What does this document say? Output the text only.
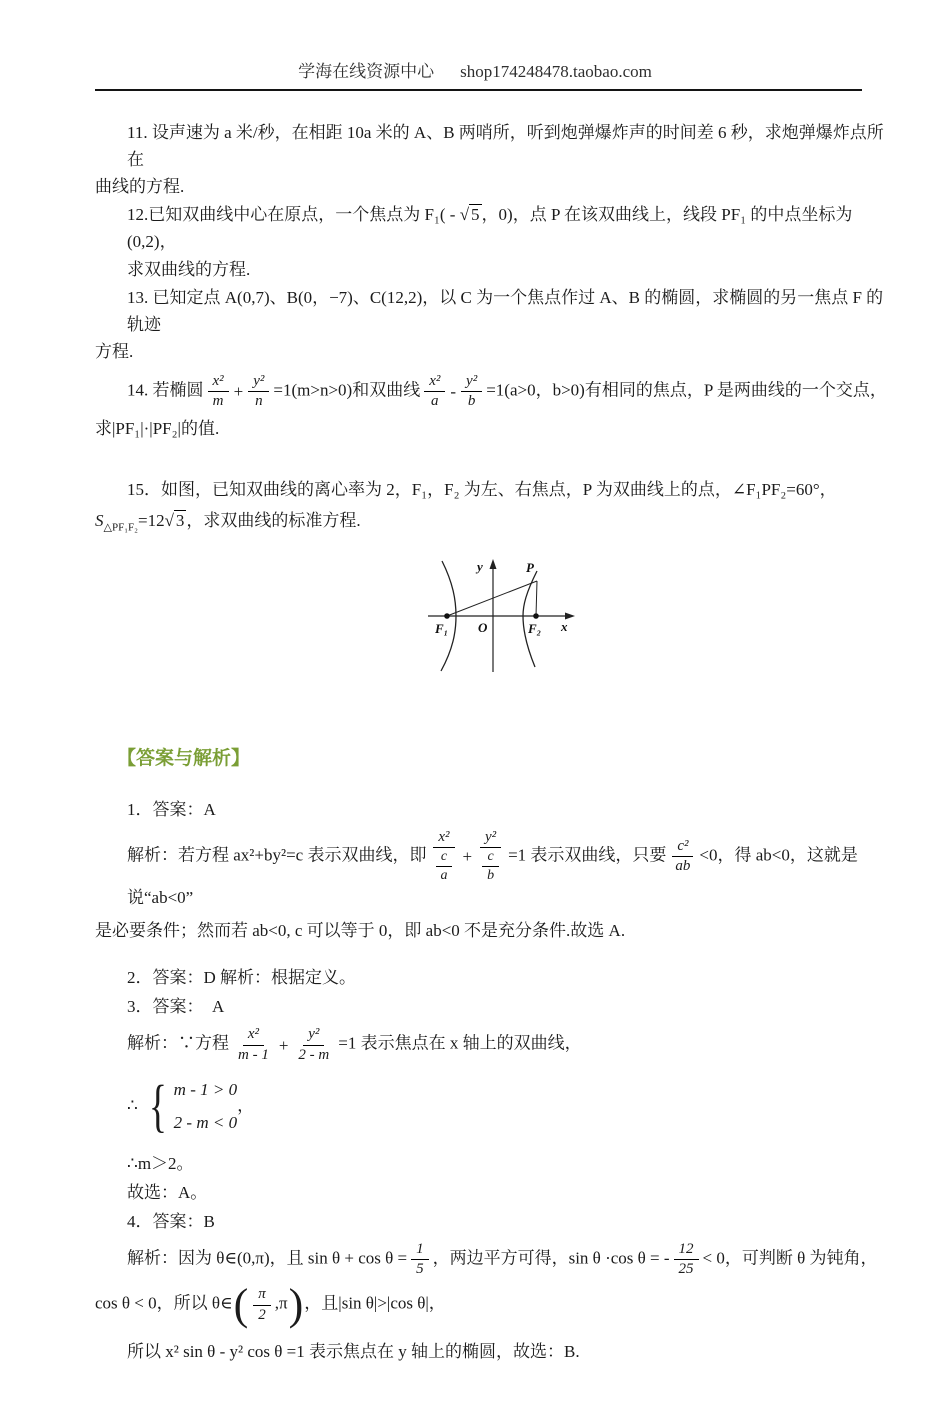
学海在线资源中心 shop174248478.taobao.com

11. 设声速为 a 米/秒，在相距 10a 米的 A、B 两哨所，听到炮弹爆炸声的时间差 6 秒，求炮弹爆炸点所在

曲线的方程.

12.已知双曲线中心在原点，一个焦点为 F₁( - √ 5 ，0)，点 P 在该双曲线上，线段 PF₁ 的中点坐标为(0,2)，

求双曲线的方程.

13. 已知定点 A(0,7)、B(0，−7)、C(12,2)，以 C 为一个焦点作过 A、B 的椭圆，求椭圆的另一焦点 F 的轨迹

方程.

14. 若椭圆 $\frac{\text{x²}}{m} + \frac{\text{y²}}{n} =1(m>n>0)$和双曲线 $\frac{\text{x²}}{a} - \frac{\text{y²}}{b} =1(a>0$，b>0)有相同的焦点，P 是两曲线的一个交点，

求|PF₁|·|PF₂|的值.

15．如图，已知双曲线的离心率为 2，F₁，F₂ 为左、右焦点，P 为双曲线上的点，∠F₁PF₂=60°，

$S_{\triangle PF_1F_2}=12√$ 3 ，求双曲线的标准方程.

y
x
O
F₁	F₂
P

【答案与解析】

1．答案：A

解析：若方程 ax²+by²=c 表示双曲线，即 $\frac{\text{x²}}{\frac{c}{a}} + \frac{\text{y²}}{\frac{c}{b}} =1$ 表示双曲线，只要 $\frac{\text{c²}}{ab} <0$，得 ab<0，这就是说“ab<0”

是必要条件；然而若 ab<0, c 可以等于 0，即 ab<0 不是充分条件.故选 A.

2．答案：D 解析：根据定义。

3．答案：　A

解析：∵方程 $\frac{\text{x²}}{m - 1} + \frac{\text{y²}}{2 - m} =1$ 表示焦点在 x 轴上的双曲线，

∴ { m - 1 > 0
2 - m < 0
，

∴m＞2。

故选：A。

4．答案：B

解析：因为 θ∈(0,π)，且 $\sin \theta + \cos \theta = \frac{1}{5}$ ，两边平方可得，sin θ ·cos θ = - $\frac{12}{25} < 0$，可判断 θ 为钝角，

cos θ < 0，所以 θ∈( $\frac{\pi}{2} ,\pi$)，且|sin θ|>|cos θ|，

所以 x² sin θ - y² cos θ =1 表示焦点在 y 轴上的椭圆，故选：B.
